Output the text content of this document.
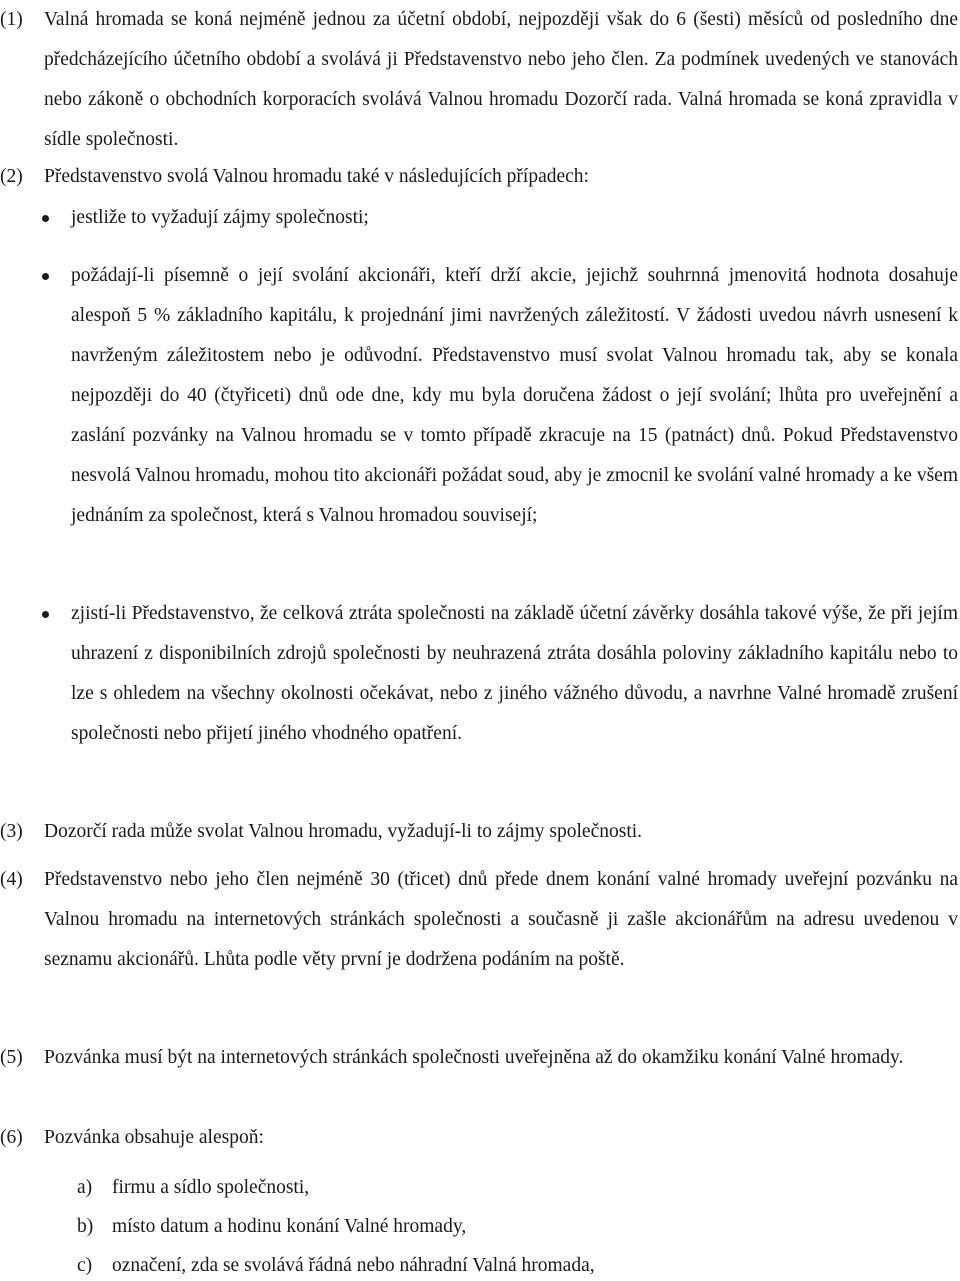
(1) Valná hromada se koná nejméně jednou za účetní období, nejpozději však do 6 (šesti) měsíců od posledního dne předcházejícího účetního období a svolává ji Představenstvo nebo jeho člen. Za podmínek uvedených ve stanovách nebo zákoně o obchodních korporacích svolává Valnou hromadu Dozorčí rada. Valná hromada se koná zpravidla v sídle společnosti.
(2) Představenstvo svolá Valnou hromadu také v následujících případech:
jestliže to vyžadují zájmy společnosti;
požádají-li písemně o její svolání akcionáři, kteří drží akcie, jejichž souhrnná jmenovitá hodnota dosahuje alespoň 5 % základního kapitálu, k projednání jimi navržených záležitostí. V žádosti uvedou návrh usnesení k navrženým záležitostem nebo je odůvodní. Představenstvo musí svolat Valnou hromadu tak, aby se konala nejpozději do 40 (čtyřiceti) dnů ode dne, kdy mu byla doručena žádost o její svolání; lhůta pro uveřejnění a zaslání pozvánky na Valnou hromadu se v tomto případě zkracuje na 15 (patnáct) dnů. Pokud Představenstvo nesvolá Valnou hromadu, mohou tito akcionáři požádat soud, aby je zmocnil ke svolání valné hromady a ke všem jednáním za společnost, která s Valnou hromadou souvisejí;
zjistí-li Představenstvo, že celková ztráta společnosti na základě účetní závěrky dosáhla takové výše, že při jejím uhrazení z disponibilních zdrojů společnosti by neuhrazená ztráta dosáhla poloviny základního kapitálu nebo to lze s ohledem na všechny okolnosti očekávat, nebo z jiného vážného důvodu, a navrhne Valné hromadě zrušení společnosti nebo přijetí jiného vhodného opatření.
(3) Dozorčí rada může svolat Valnou hromadu, vyžadují-li to zájmy společnosti.
(4) Představenstvo nebo jeho člen nejméně 30 (třicet) dnů přede dnem konání valné hromady uveřejní pozvánku na Valnou hromadu na internetových stránkách společnosti a současně ji zašle akcionářům na adresu uvedenou v seznamu akcionářů. Lhůta podle věty první je dodržena podáním na poště.
(5) Pozvánka musí být na internetových stránkách společnosti uveřejněna až do okamžiku konání Valné hromady.
(6) Pozvánka obsahuje alespoň:
a) firmu a sídlo společnosti,
b) místo datum a hodinu konání Valné hromady,
c) označení, zda se svolává řádná nebo náhradní Valná hromada,
